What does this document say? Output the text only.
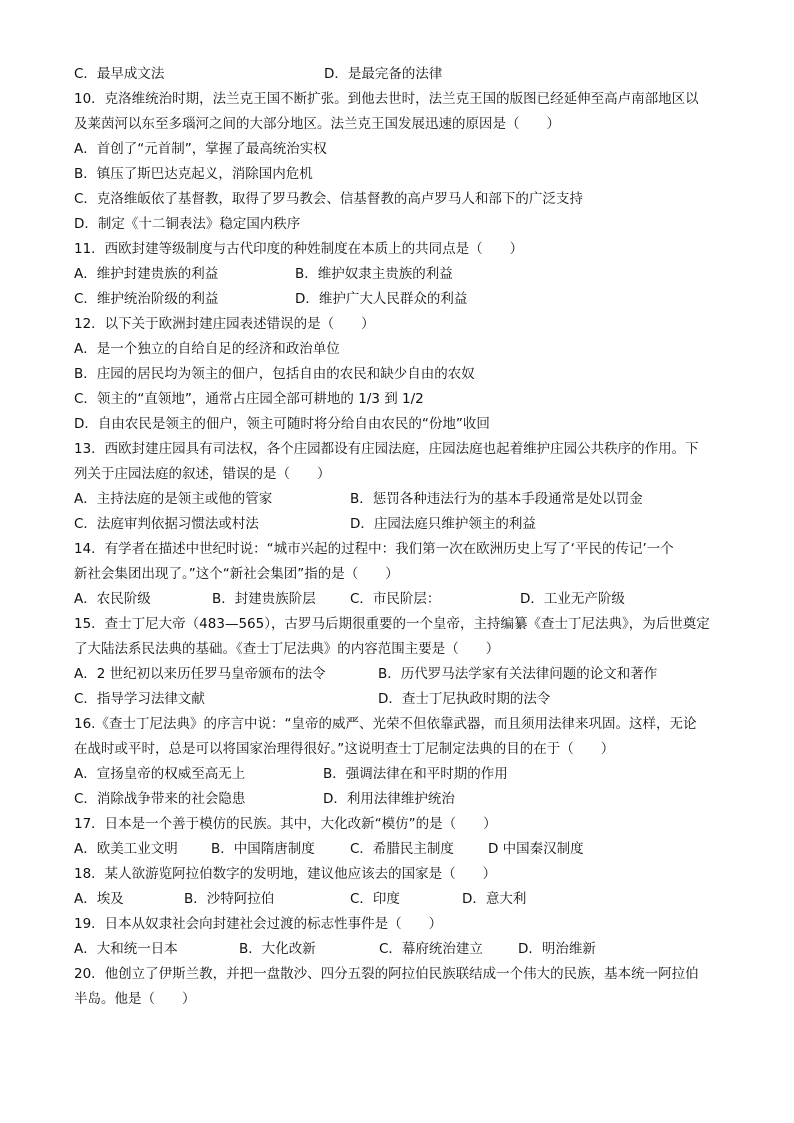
C．最早成文法	D．是最完备的法律
10．克洛维统治时期，法兰克王国不断扩张。到他去世时，法兰克王国的版图已经延伸至高卢南部地区以
及莱茵河以东至多瑙河之间的大部分地区。法兰克王国发展迅速的原因是（　　）
A．首创了“元首制”，掌握了最高统治实权
B．镇压了斯巴达克起义，消除国内危机
C．克洛维皈依了基督教，取得了罗马教会、信基督教的高卢罗马人和部下的广泛支持
D．制定《十二铜表法》稳定国内秩序
11．西欧封建等级制度与古代印度的种姓制度在本质上的共同点是（　　）
A．维护封建贵族的利益	B．维护奴隶主贵族的利益
C．维护统治阶级的利益	D．维护广大人民群众的利益
12．以下关于欧洲封建庄园表述错误的是（　　）
A．是一个独立的自给自足的经济和政治单位
B．庄园的居民均为领主的佃户，包括自由的农民和缺少自由的农奴
C．领主的“直领地”，通常占庄园全部可耕地的 1/3 到 1/2
D．自由农民是领主的佃户，领主可随时将分给自由农民的“份地”收回
13．西欧封建庄园具有司法权，各个庄园都设有庄园法庭，庄园法庭也起着维护庄园公共秩序的作用。下
列关于庄园法庭的叙述，错误的是（　　）
A．主持法庭的是领主或他的管家	B．惩罚各种违法行为的基本手段通常是处以罚金
C．法庭审判依据习惯法或村法	D．庄园法庭只维护领主的利益
14．有学者在描述中世纪时说：“城市兴起的过程中：我们第一次在欧洲历史上写了‘平民的传记’一个
新社会集团出现了。”这个“新社会集团”指的是（　　）
A．农民阶级	B．封建贵族阶层	C．市民阶层：	D．工业无产阶级
15．查士丁尼大帝（483—565），古罗马后期很重要的一个皇帝，主持编纂《查士丁尼法典》，为后世奠定
了大陆法系民法典的基础。《查士丁尼法典》的内容范围主要是（　　）
A．2 世纪初以来历任罗马皇帝颁布的法令	B．历代罗马法学家有关法律问题的论文和著作
C．指导学习法律文献	D．查士丁尼执政时期的法令
16.《查士丁尼法典》的序言中说：“皇帝的威严、光荣不但依靠武器，而且须用法律来巩固。这样，无论
在战时或平时，总是可以将国家治理得很好。”这说明查士丁尼制定法典的目的在于（　　）
A．宣扬皇帝的权威至高无上	B．强调法律在和平时期的作用
C．消除战争带来的社会隐患	D．利用法律维护统治
17．日本是一个善于模仿的民族。其中，大化改新“模仿”的是（　　）
A．欧美工业文明 B．中国隋唐制度	C．希腊民主制度	D 中国秦汉制度
18．某人欲游览阿拉伯数字的发明地，建议他应该去的国家是（　　）
A．埃及	B．沙特阿拉伯	C．印度	D．意大利
19．日本从奴隶社会向封建社会过渡的标志性事件是（　　）
A．大和统一日本	B．大化改新	C．幕府统治建立	D．明治维新
20．他创立了伊斯兰教，并把一盘散沙、四分五裂的阿拉伯民族联结成一个伟大的民族，基本统一阿拉伯
半岛。他是（　　）
